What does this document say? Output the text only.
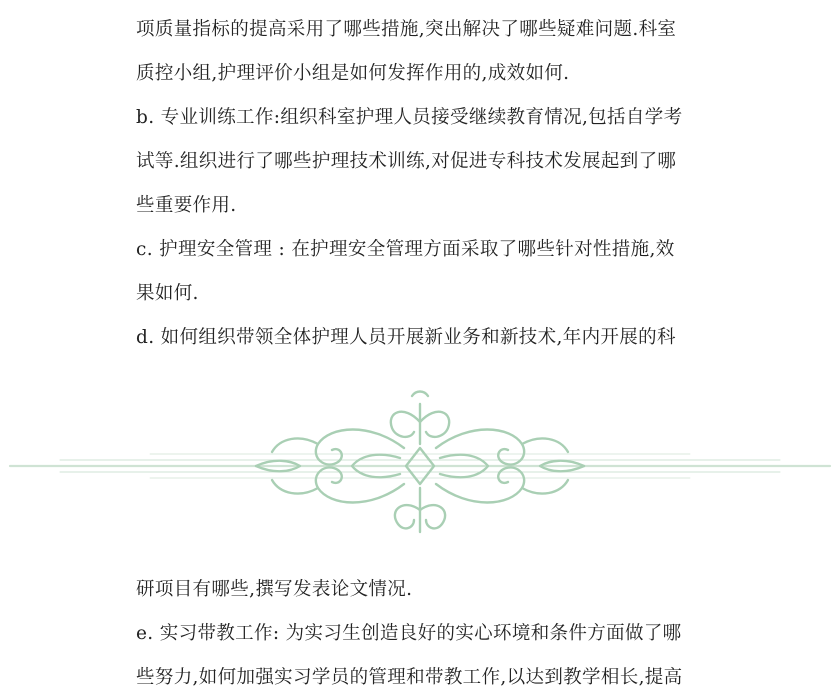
项质量指标的提高采用了哪些措施,突出解决了哪些疑难问题.科室
质控小组,护理评价小组是如何发挥作用的,成效如何.
b. 专业训练工作:组织科室护理人员接受继续教育情况,包括自学考
试等.组织进行了哪些护理技术训练,对促进专科技术发展起到了哪
些重要作用.
c. 护理安全管理 : 在护理安全管理方面采取了哪些针对性措施,效
果如何.
d. 如何组织带领全体护理人员开展新业务和新技术,年内开展的科
研项目有哪些,撰写发表论文情况.
e. 实习带教工作: 为实习生创造良好的实心环境和条件方面做了哪
些努力,如何加强实习学员的管理和带教工作,以达到教学相长,提高
